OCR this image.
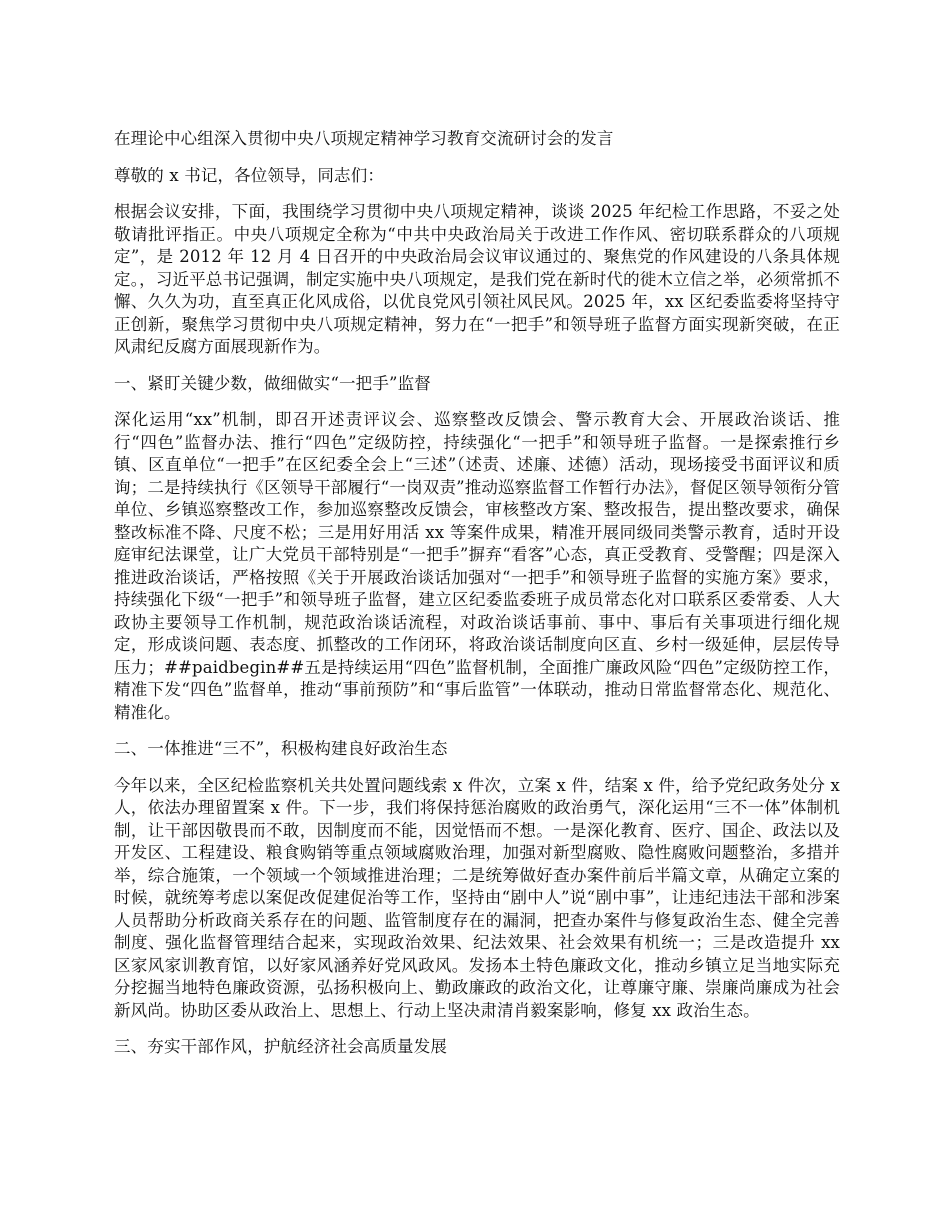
在理论中心组深入贯彻中央八项规定精神学习教育交流研讨会的发言

尊敬的 x 书记，各位领导，同志们：

根据会议安排，下面，我围绕学习贯彻中央八项规定精神，谈谈 2025 年纪检工作思路，不妥之处敬请批评指正。中央八项规定全称为“中共中央政治局关于改进工作作风、密切联系群众的八项规定”，是 2012 年 12 月 4 日召开的中央政治局会议审议通过的、聚焦党的作风建设的八条具体规定。，习近平总书记强调，制定实施中央八项规定，是我们党在新时代的徙木立信之举，必须常抓不懈、久久为功，直至真正化风成俗，以优良党风引领社风民风。2025 年，xx 区纪委监委将坚持守正创新，聚焦学习贯彻中央八项规定精神，努力在“一把手”和领导班子监督方面实现新突破，在正风肃纪反腐方面展现新作为。

一、紧盯关键少数，做细做实“一把手”监督

深化运用“xx”机制，即召开述责评议会、巡察整改反馈会、警示教育大会、开展政治谈话、推行“四色”监督办法、推行“四色”定级防控，持续强化“一把手”和领导班子监督。一是探索推行乡镇、区直单位“一把手”在区纪委全会上“三述”（述责、述廉、述德）活动，现场接受书面评议和质询；二是持续执行《区领导干部履行“一岗双责”推动巡察监督工作暂行办法》，督促区领导领衔分管单位、乡镇巡察整改工作，参加巡察整改反馈会，审核整改方案、整改报告，提出整改要求，确保整改标准不降、尺度不松；三是用好用活 xx 等案件成果，精准开展同级同类警示教育，适时开设庭审纪法课堂，让广大党员干部特别是“一把手”摒弃“看客”心态，真正受教育、受警醒；四是深入推进政治谈话，严格按照《关于开展政治谈话加强对“一把手”和领导班子监督的实施方案》要求，持续强化下级“一把手”和领导班子监督，建立区纪委监委班子成员常态化对口联系区委常委、人大政协主要领导工作机制，规范政治谈话流程，对政治谈话事前、事中、事后有关事项进行细化规定，形成谈问题、表态度、抓整改的工作闭环，将政治谈话制度向区直、乡村一级延伸，层层传导压力；##paidbegin##五是持续运用“四色”监督机制，全面推广廉政风险“四色”定级防控工作，精准下发“四色”监督单，推动“事前预防”和“事后监管”一体联动，推动日常监督常态化、规范化、精准化。

二、一体推进“三不”，积极构建良好政治生态

今年以来，全区纪检监察机关共处置问题线索 x 件次，立案 x 件，结案 x 件，给予党纪政务处分 x 人，依法办理留置案 x 件。下一步，我们将保持惩治腐败的政治勇气，深化运用“三不一体”体制机制，让干部因敬畏而不敢，因制度而不能，因觉悟而不想。一是深化教育、医疗、国企、政法以及开发区、工程建设、粮食购销等重点领域腐败治理，加强对新型腐败、隐性腐败问题整治，多措并举，综合施策，一个领域一个领域推进治理；二是统筹做好查办案件前后半篇文章，从确定立案的时候，就统筹考虑以案促改促建促治等工作，坚持由“剧中人”说“剧中事”，让违纪违法干部和涉案人员帮助分析政商关系存在的问题、监管制度存在的漏洞，把查办案件与修复政治生态、健全完善制度、强化监督管理结合起来，实现政治效果、纪法效果、社会效果有机统一；三是改造提升 xx 区家风家训教育馆，以好家风涵养好党风政风。发扬本土特色廉政文化，推动乡镇立足当地实际充分挖掘当地特色廉政资源，弘扬积极向上、勤政廉政的政治文化，让尊廉守廉、崇廉尚廉成为社会新风尚。协助区委从政治上、思想上、行动上坚决肃清肖毅案影响，修复 xx 政治生态。

三、夯实干部作风，护航经济社会高质量发展
